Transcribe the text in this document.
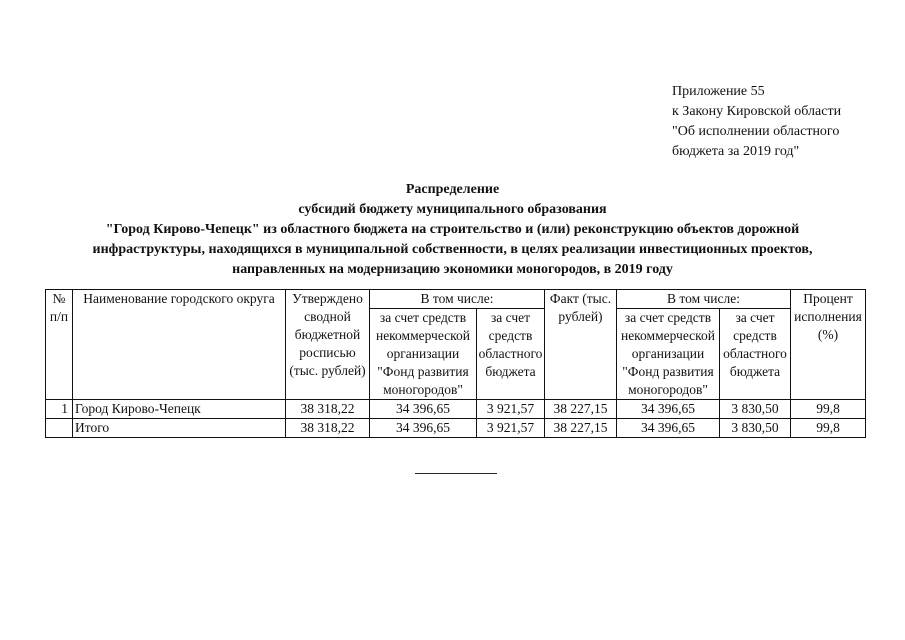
Приложение 55
к Закону Кировской области
"Об исполнении областного
бюджета за 2019 год"
Распределение
субсидий бюджету муниципального образования
"Город Кирово-Чепецк" из областного бюджета на строительство и (или) реконструкцию объектов дорожной
инфраструктуры, находящихся в муниципальной собственности, в целях реализации инвестиционных проектов,
направленных на модернизацию экономики моногородов, в 2019 году
№ п/п	Наименование городского округа	Утверждено сводной бюджетной росписью (тыс. рублей)	В том числе:		Факт (тыс. рублей)	В том числе:		Процент исполнения (%)
			за счет средств некоммерческой организации "Фонд развития моногородов"	за счет средств областного бюджета		за счет средств некоммерческой организации "Фонд развития моногородов"	за счет средств областного бюджета	
1	Город Кирово-Чепецк	38 318,22	34 396,65	3 921,57	38 227,15	34 396,65	3 830,50	99,8
	Итого	38 318,22	34 396,65	3 921,57	38 227,15	34 396,65	3 830,50	99,8
